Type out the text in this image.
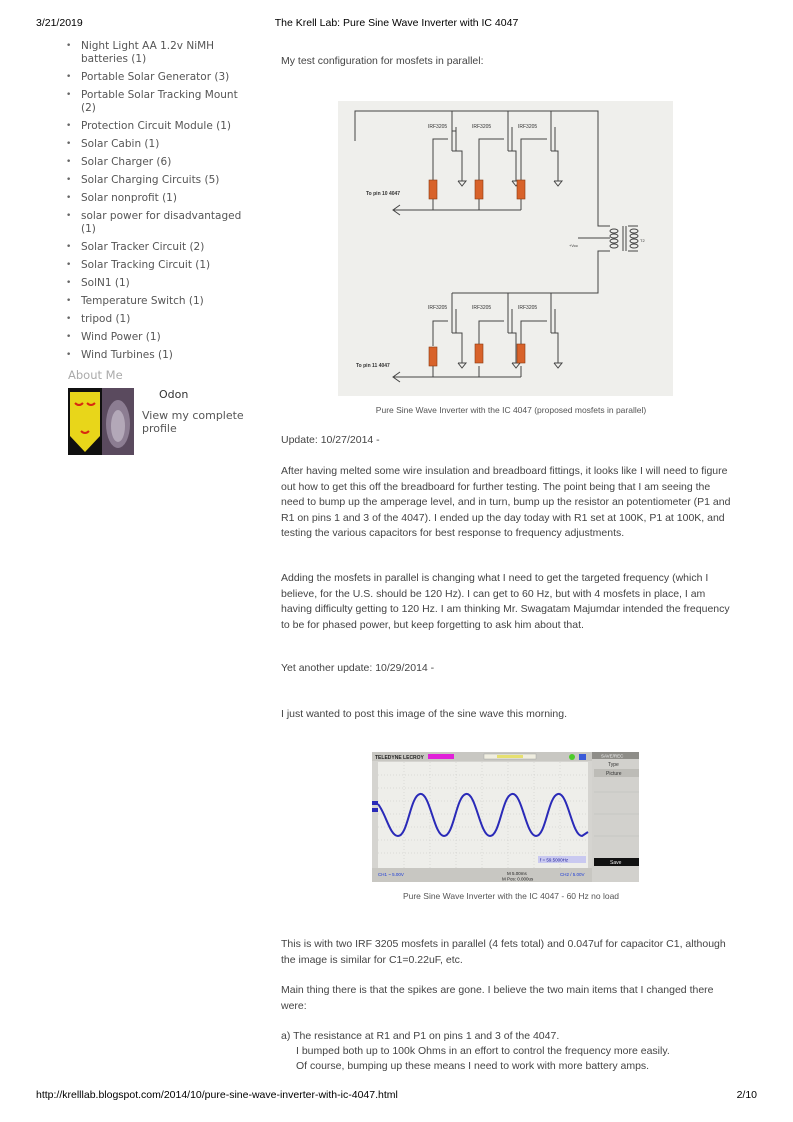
3/21/2019	The Krell Lab: Pure Sine Wave Inverter with IC 4047
• Night Light AA 1.2v NiMH batteries (1)
• Portable Solar Generator (3)
• Portable Solar Tracking Mount (2)
• Protection Circuit Module (1)
• Solar Cabin (1)
• Solar Charger (6)
• Solar Charging Circuits (5)
• Solar nonprofit (1)
• solar power for disadvantaged (1)
• Solar Tracker Circuit (2)
• Solar Tracking Circuit (1)
• SolN1 (1)
• Temperature Switch (1)
• tripod (1)
• Wind Power (1)
• Wind Turbines (1)
About Me
Odon
View my complete profile

My test configuration for mosfets in parallel:

Pure Sine Wave Inverter with the IC 4047 (proposed mosfets in parallel)

Update: 10/27/2014 -

After having melted some wire insulation and breadboard fittings, it looks like I will need to figure out how to get this off the breadboard for further testing. The point being that I am seeing the need to bump up the amperage level, and in turn, bump up the resistor an potentiometer (P1 and R1 on pins 1 and 3 of the 4047). I ended up the day today with R1 set at 100K, P1 at 100K, and testing the various capacitors for best response to frequency adjustments.

Adding the mosfets in parallel is changing what I need to get the targeted frequency (which I believe, for the U.S. should be 120 Hz). I can get to 60 Hz, but with 4 mosfets in place, I am having difficulty getting to 120 Hz. I am thinking Mr. Swagatam Majumdar intended the frequency to be for phased power, but keep forgetting to ask him about that.

Yet another update: 10/29/2014 -

I just wanted to post this image of the sine wave this morning.

Pure Sine Wave Inverter with the IC 4047 - 60 Hz no load

This is with two IRF 3205 mosfets in parallel (4 fets total) and 0.047uf for capacitor C1, although the image is similar for C1=0.22uF, etc.

Main thing there is that the spikes are gone. I believe the two main items that I changed there were:

a) The resistance at R1 and P1 on pins 1 and 3 of the 4047.

I bumped both up to 100k Ohms in an effort to control the frequency more easily.

Of course, bumping up these means I need to work with more battery amps.

IRF3205	IRF3205	IRF3205
IRF3205	IRF3205	IRF3205
To pin 10 4047
To pin 11 4047
+Vcc
T2
TELEDYNE LECROY
f = 59.5000Hz
CH1 ~ 5.00V	M 5.00ms
M Pos: 0.000us
CH2 / 5.00V
SAVE/REC
Type
Picture
Save
http://krelllab.blogspot.com/2014/10/pure-sine-wave-inverter-with-ic-4047.html	2/10
